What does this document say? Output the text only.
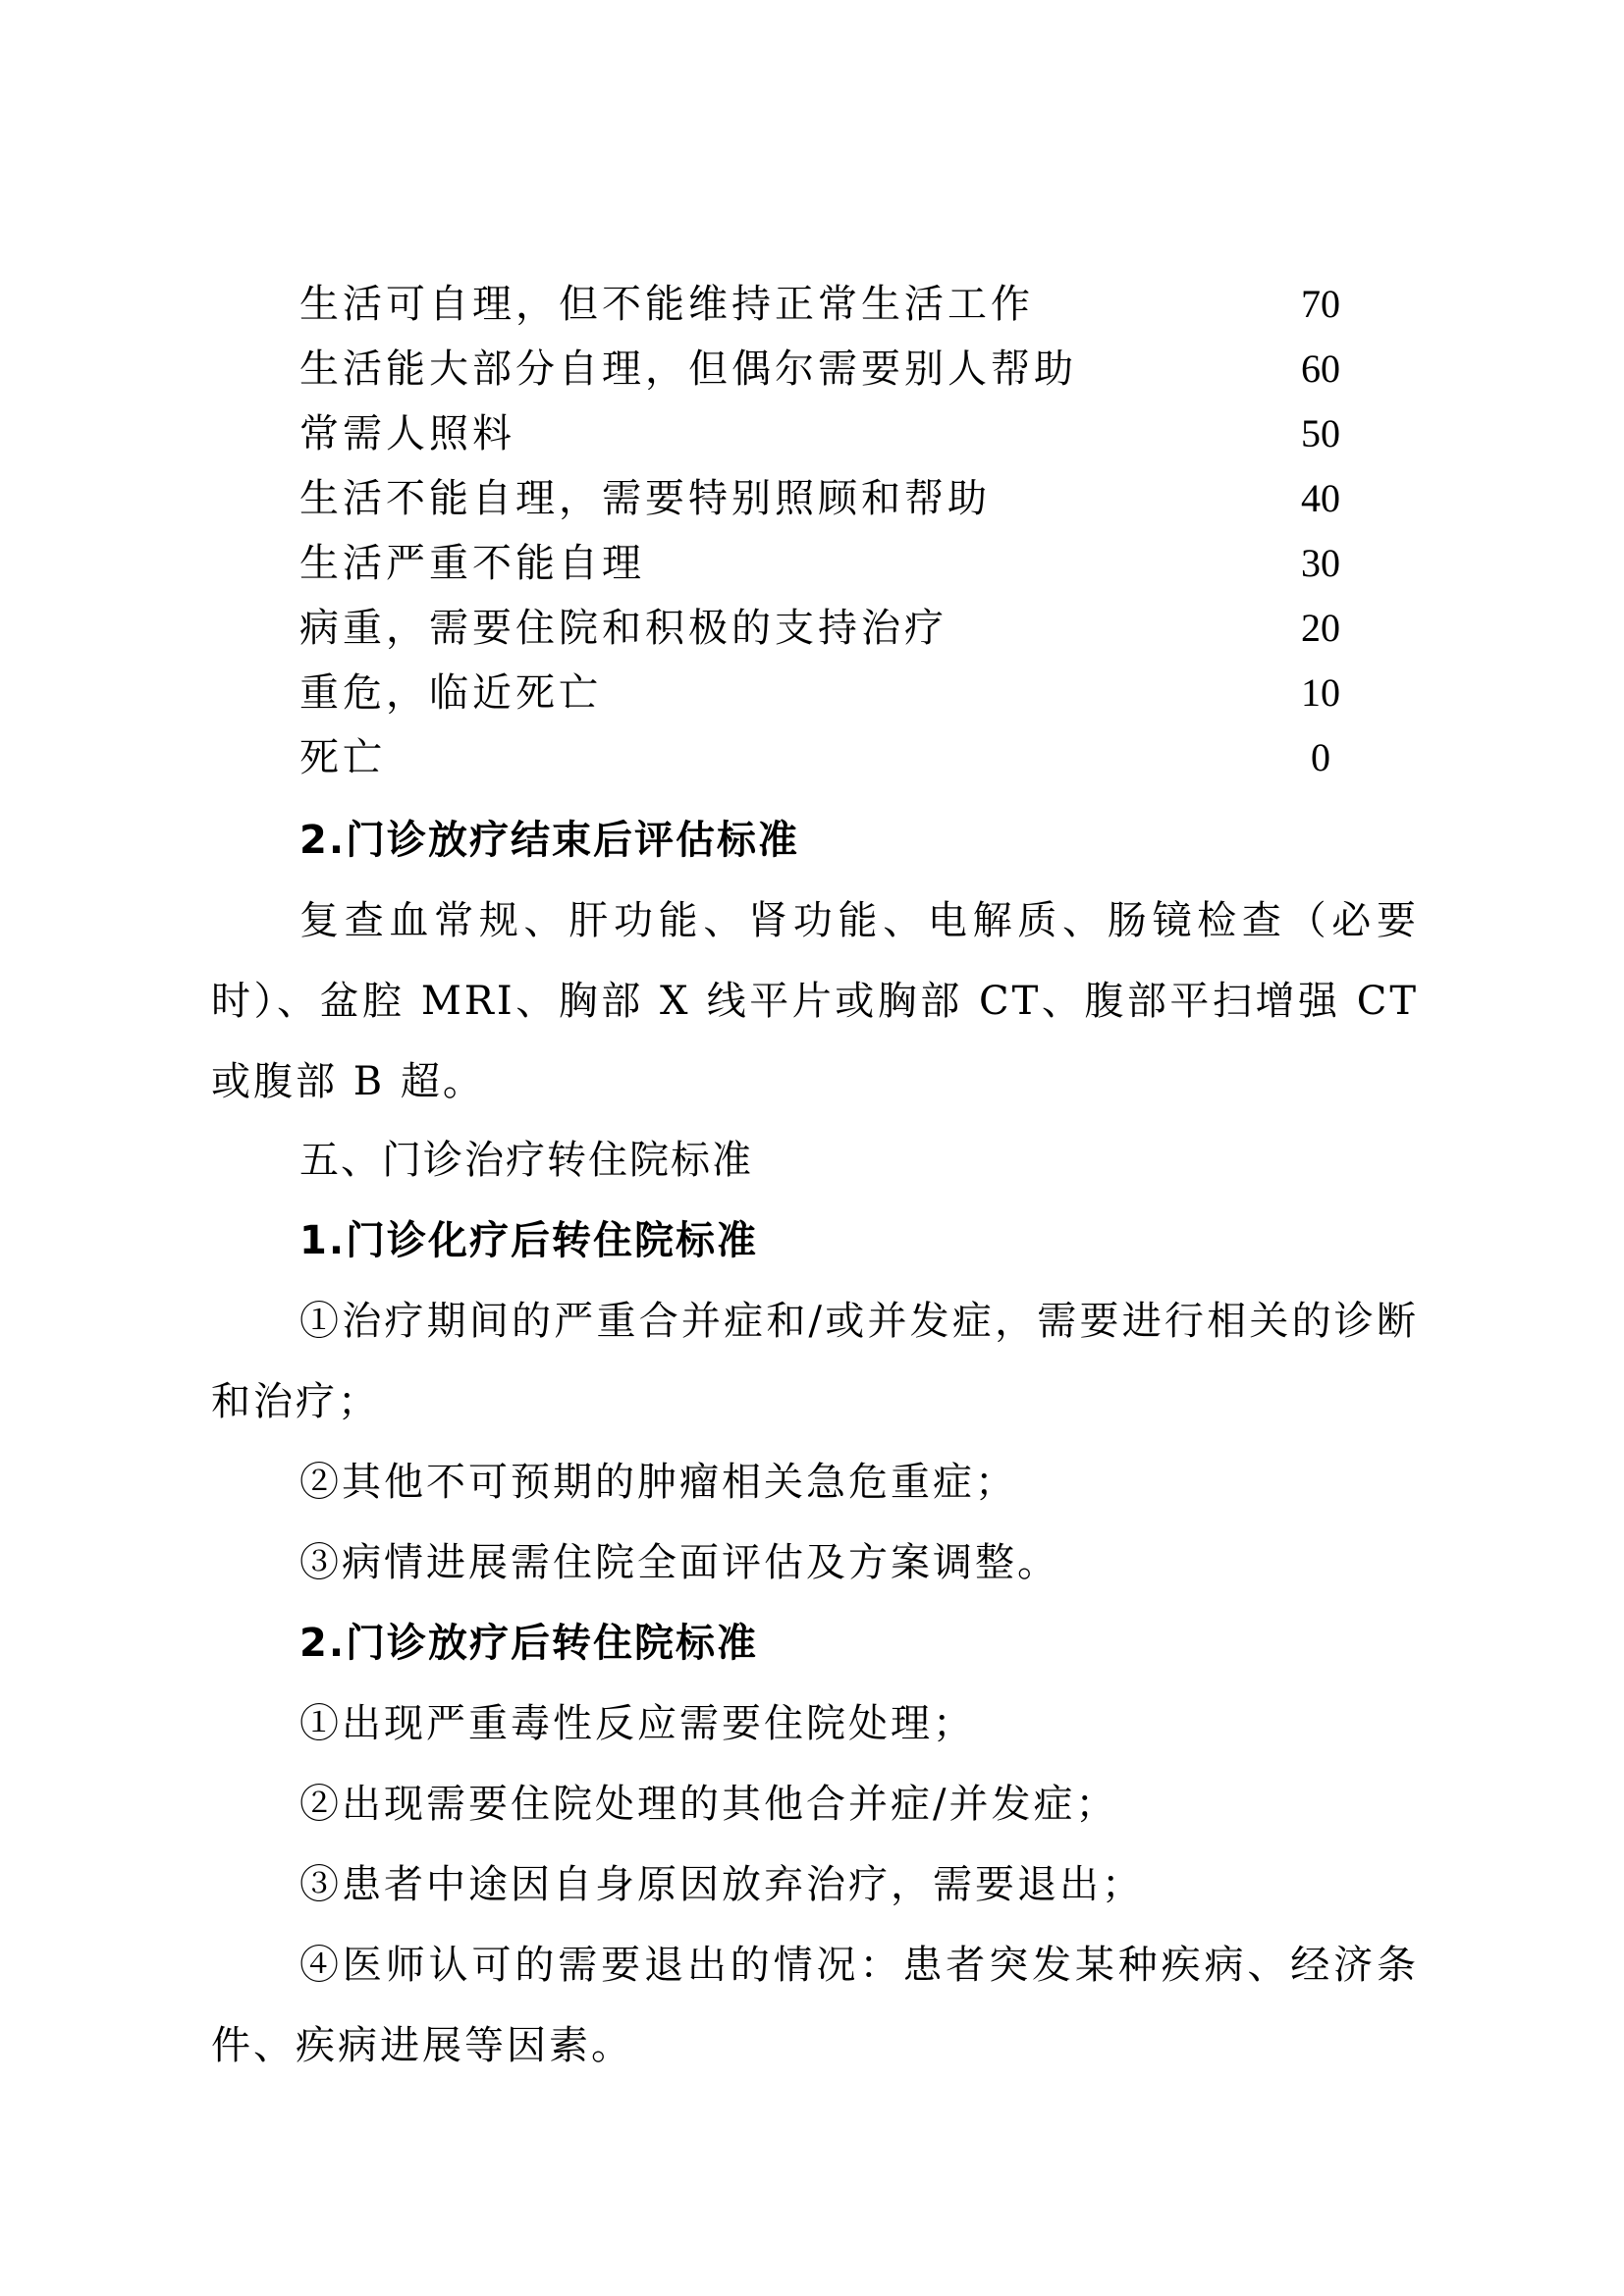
生活可自理，但不能维持正常生活工作	70
生活能大部分自理，但偶尔需要别人帮助	60
常需人照料	50
生活不能自理，需要特别照顾和帮助	40
生活严重不能自理	30
病重，需要住院和积极的支持治疗	20
重危，临近死亡	10
死亡	0
2.门诊放疗结束后评估标准
复查血常规、肝功能、肾功能、电解质、肠镜检查（必要时）、盆腔 MRI、胸部 X 线平片或胸部 CT、腹部平扫增强 CT 或腹部 B 超。
五、门诊治疗转住院标准
1.门诊化疗后转住院标准
①治疗期间的严重合并症和/或并发症，需要进行相关的诊断和治疗；
②其他不可预期的肿瘤相关急危重症；
③病情进展需住院全面评估及方案调整。
2.门诊放疗后转住院标准
①出现严重毒性反应需要住院处理；
②出现需要住院处理的其他合并症/并发症；
③患者中途因自身原因放弃治疗，需要退出；
④医师认可的需要退出的情况：患者突发某种疾病、经济条件、疾病进展等因素。
